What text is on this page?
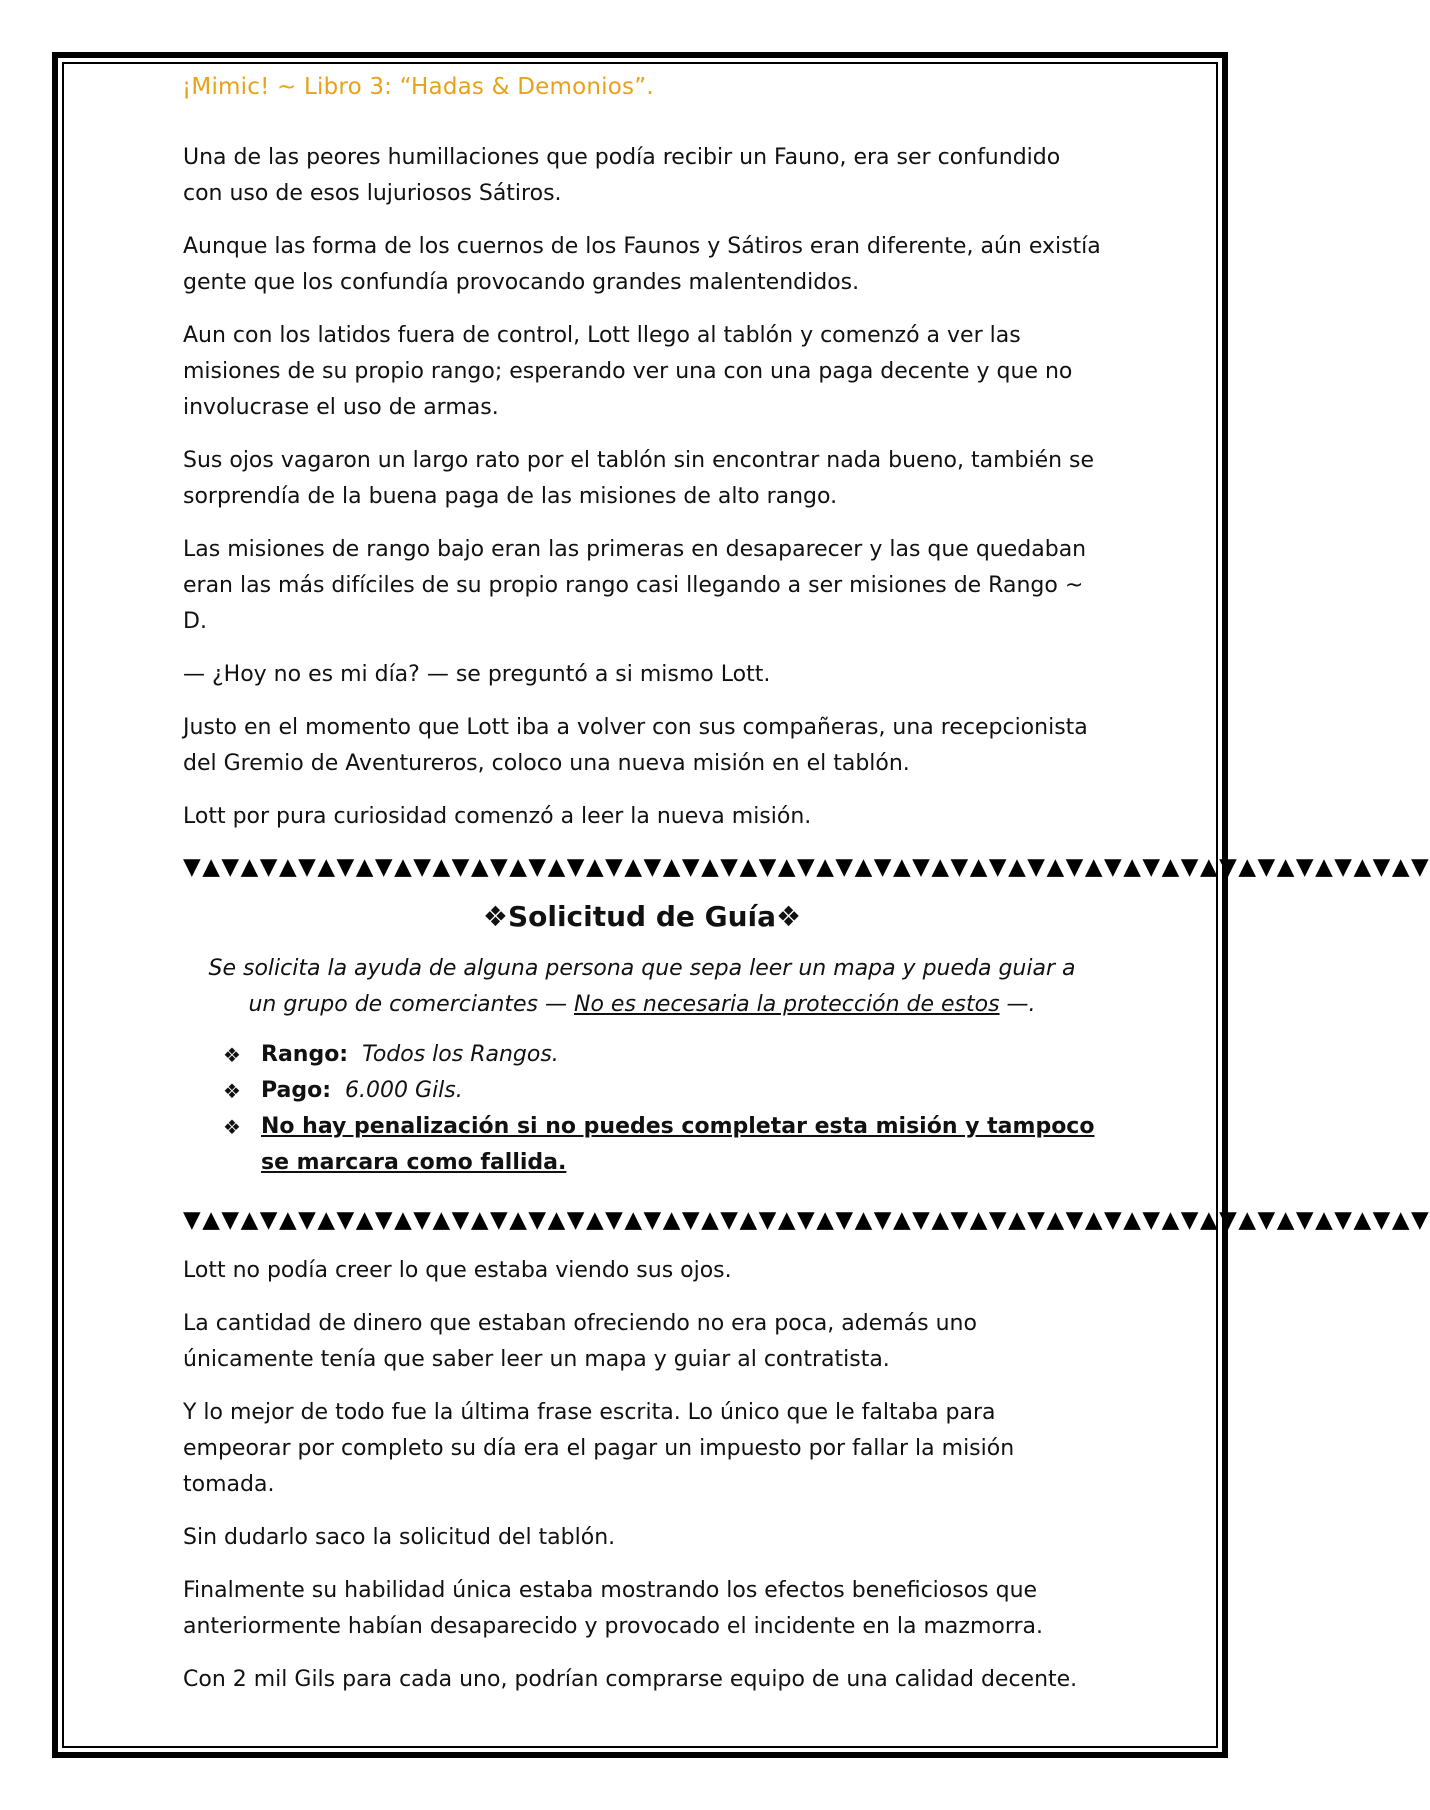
¡Mimic! ~ Libro 3: “Hadas & Demonios”.

Una de las peores humillaciones que podía recibir un Fauno, era ser confundido con uso de esos lujuriosos Sátiros.

Aunque las forma de los cuernos de los Faunos y Sátiros eran diferente, aún existía gente que los confundía provocando grandes malentendidos.

Aun con los latidos fuera de control, Lott llego al tablón y comenzó a ver las misiones de su propio rango; esperando ver una con una paga decente y que no involucrase el uso de armas.

Sus ojos vagaron un largo rato por el tablón sin encontrar nada bueno, también se sorprendía de la buena paga de las misiones de alto rango.

Las misiones de rango bajo eran las primeras en desaparecer y las que quedaban eran las más difíciles de su propio rango casi llegando a ser misiones de Rango ~ D.

— ¿Hoy no es mi día? — se preguntó a si mismo Lott.

Justo en el momento que Lott iba a volver con sus compañeras, una recepcionista del Gremio de Aventureros, coloco una nueva misión en el tablón.

Lott por pura curiosidad comenzó a leer la nueva misión.

▼▲▼▲▼▲▼▲▼▲▼▲▼▲▼▲▼▲▼▲▼▲▼▲▼▲▼▲▼▲▼▲▼▲▼▲▼▲▼▲▼▲▼▲▼▲▼▲▼▲▼▲▼▲▼▲▼▲▼▲▼▲▼▲▼
❖Solicitud de Guía❖
Se solicita la ayuda de alguna persona que sepa leer un mapa y pueda guiar a un grupo de comerciantes — No es necesaria la protección de estos —.
❖ Rango: Todos los Rangos.
❖ Pago: 6.000 Gils.
❖ No hay penalización si no puedes completar esta misión y tampoco se marcara como fallida.
▼▲▼▲▼▲▼▲▼▲▼▲▼▲▼▲▼▲▼▲▼▲▼▲▼▲▼▲▼▲▼▲▼▲▼▲▼▲▼▲▼▲▼▲▼▲▼▲▼▲▼▲▼▲▼▲▼▲▼▲▼▲▼▲▼

Lott no podía creer lo que estaba viendo sus ojos.

La cantidad de dinero que estaban ofreciendo no era poca, además uno únicamente tenía que saber leer un mapa y guiar al contratista.

Y lo mejor de todo fue la última frase escrita. Lo único que le faltaba para empeorar por completo su día era el pagar un impuesto por fallar la misión tomada.

Sin dudarlo saco la solicitud del tablón.

Finalmente su habilidad única estaba mostrando los efectos beneficiosos que anteriormente habían desaparecido y provocado el incidente en la mazmorra.

Con 2 mil Gils para cada uno, podrían comprarse equipo de una calidad decente.
